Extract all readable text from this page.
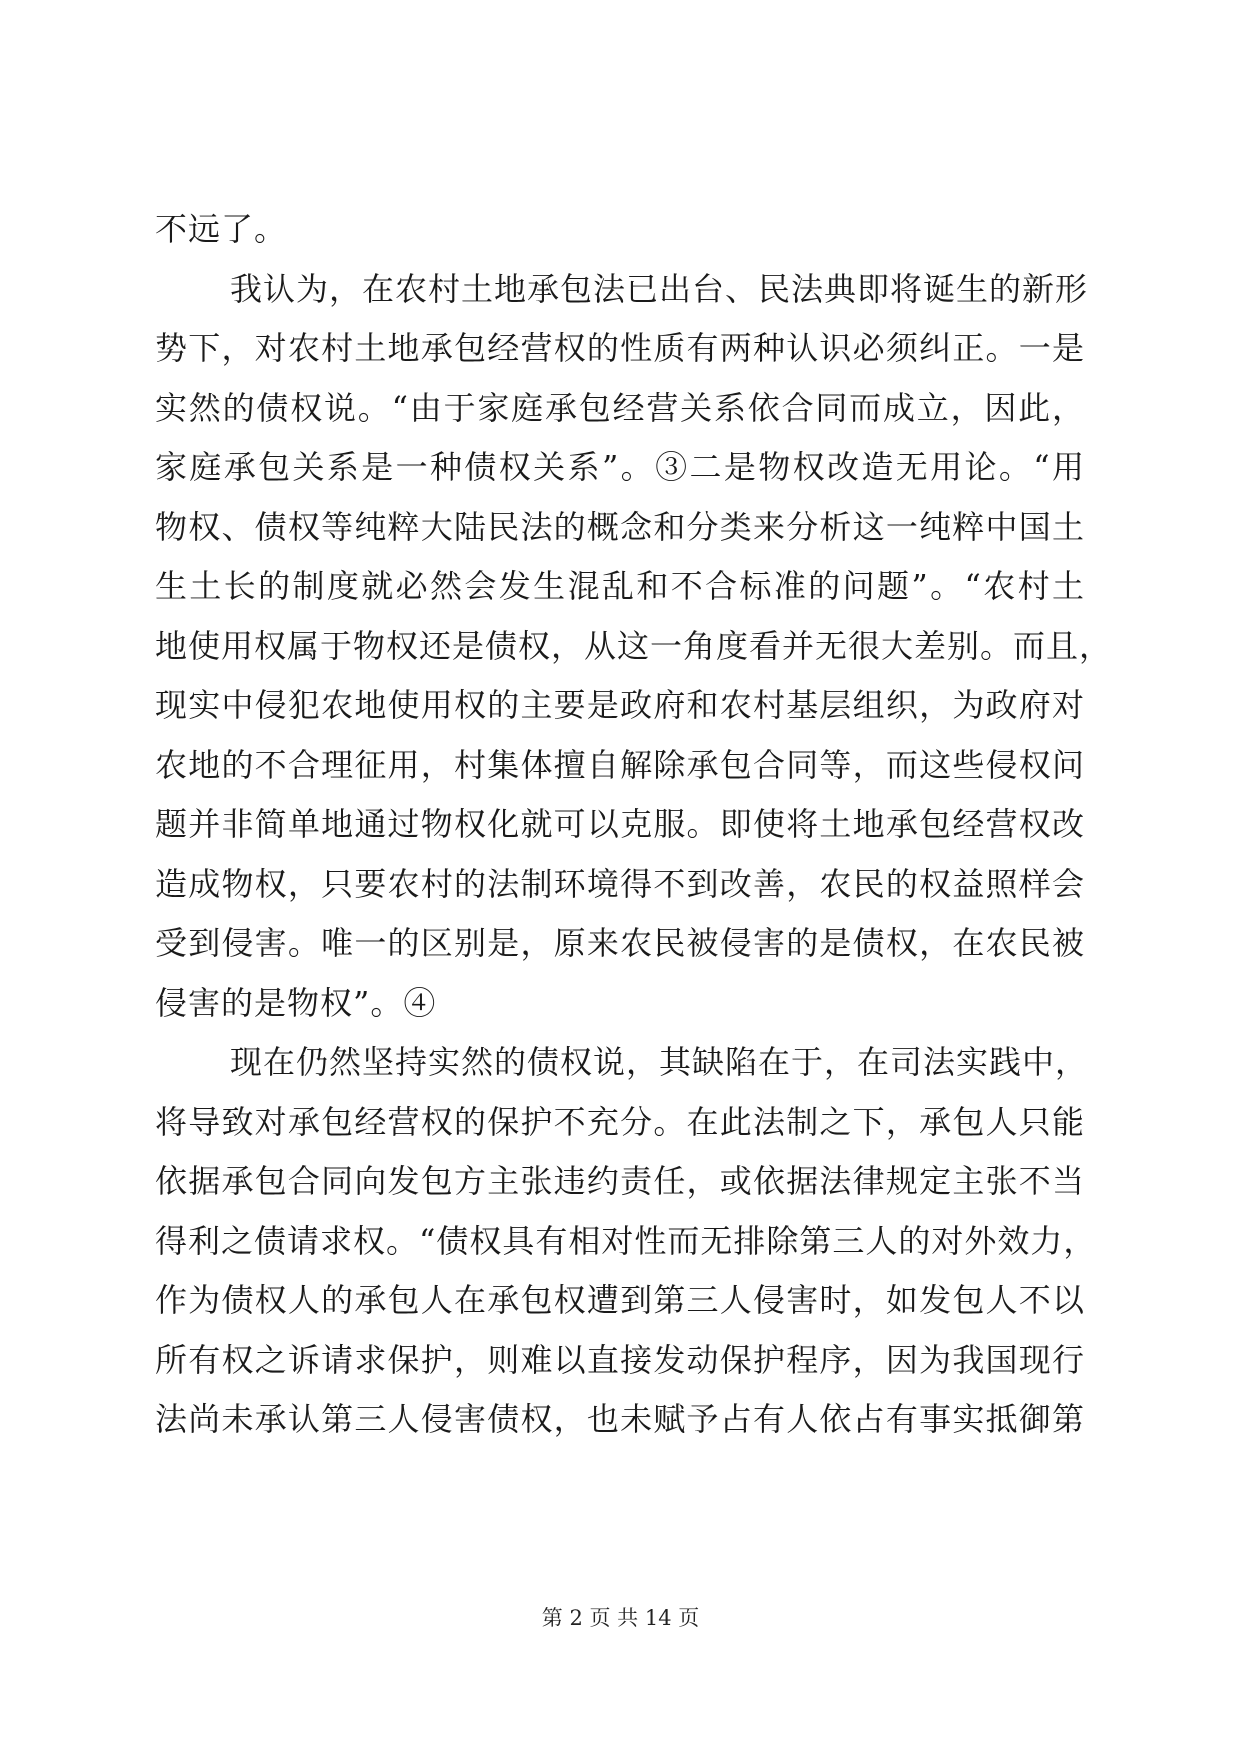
不远了。
我认为，在农村土地承包法已出台、民法典即将诞生的新形
势下，对农村土地承包经营权的性质有两种认识必须纠正。一是
实然的债权说。“由于家庭承包经营关系依合同而成立，因此，
家庭承包关系是一种债权关系”。③二是物权改造无用论。“用
物权、债权等纯粹大陆民法的概念和分类来分析这一纯粹中国土
生土长的制度就必然会发生混乱和不合标准的问题”。“农村土
地使用权属于物权还是债权，从这一角度看并无很大差别。而且，
现实中侵犯农地使用权的主要是政府和农村基层组织，为政府对
农地的不合理征用，村集体擅自解除承包合同等，而这些侵权问
题并非简单地通过物权化就可以克服。即使将土地承包经营权改
造成物权，只要农村的法制环境得不到改善，农民的权益照样会
受到侵害。唯一的区别是，原来农民被侵害的是债权，在农民被
侵害的是物权”。④
现在仍然坚持实然的债权说，其缺陷在于，在司法实践中，
将导致对承包经营权的保护不充分。在此法制之下，承包人只能
依据承包合同向发包方主张违约责任，或依据法律规定主张不当
得利之债请求权。“债权具有相对性而无排除第三人的对外效力，
作为债权人的承包人在承包权遭到第三人侵害时，如发包人不以
所有权之诉请求保护，则难以直接发动保护程序，因为我国现行
法尚未承认第三人侵害债权，也未赋予占有人依占有事实抵御第
第 2 页 共 14 页
